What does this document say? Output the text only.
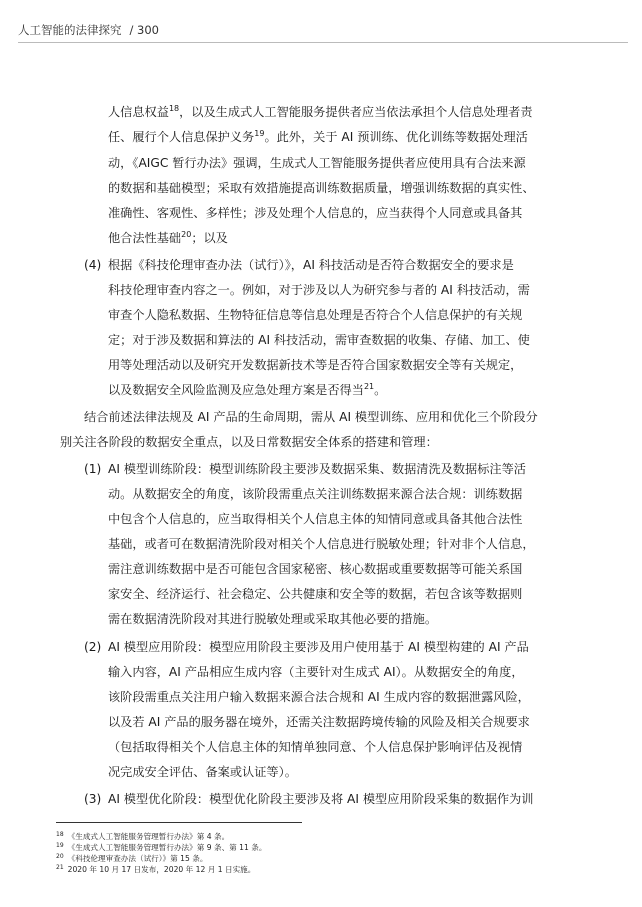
人工智能的法律探究 / 300
人信息权益$^{18}$，以及生成式人工智能服务提供者应当依法承担个人信息处理者责
任、履行个人信息保护义务$^{19}$。此外，关于 AI 预训练、优化训练等数据处理活
动，《AIGC 暂行办法》强调，生成式人工智能服务提供者应使用具有合法来源
的数据和基础模型；采取有效措施提高训练数据质量，增强训练数据的真实性、
准确性、客观性、多样性；涉及处理个人信息的，应当获得个人同意或具备其
他合法性基础$^{20}$；以及
(4) 根据《科技伦理审查办法（试行）》，AI 科技活动是否符合数据安全的要求是
科技伦理审查内容之一。例如，对于涉及以人为研究参与者的 AI 科技活动，需
审查个人隐私数据、生物特征信息等信息处理是否符合个人信息保护的有关规
定；对于涉及数据和算法的 AI 科技活动，需审查数据的收集、存储、加工、使
用等处理活动以及研究开发数据新技术等是否符合国家数据安全等有关规定，
以及数据安全风险监测及应急处理方案是否得当$^{21}$。
结合前述法律法规及 AI 产品的生命周期，需从 AI 模型训练、应用和优化三个阶段分
别关注各阶段的数据安全重点，以及日常数据安全体系的搭建和管理：
(1) AI 模型训练阶段：模型训练阶段主要涉及数据采集、数据清洗及数据标注等活
动。从数据安全的角度，该阶段需重点关注训练数据来源合法合规：训练数据
中包含个人信息的，应当取得相关个人信息主体的知情同意或具备其他合法性
基础，或者可在数据清洗阶段对相关个人信息进行脱敏处理；针对非个人信息，
需注意训练数据中是否可能包含国家秘密、核心数据或重要数据等可能关系国
家安全、经济运行、社会稳定、公共健康和安全等的数据，若包含该等数据则
需在数据清洗阶段对其进行脱敏处理或采取其他必要的措施。
(2) AI 模型应用阶段：模型应用阶段主要涉及用户使用基于 AI 模型构建的 AI 产品
输入内容，AI 产品相应生成内容（主要针对生成式 AI）。从数据安全的角度，
该阶段需重点关注用户输入数据来源合法合规和 AI 生成内容的数据泄露风险，
以及若 AI 产品的服务器在境外，还需关注数据跨境传输的风险及相关合规要求
（包括取得相关个人信息主体的知情单独同意、个人信息保护影响评估及视情
况完成安全评估、备案或认证等）。
(3) AI 模型优化阶段：模型优化阶段主要涉及将 AI 模型应用阶段采集的数据作为训
$^{18}$ 《生成式人工智能服务管理暂行办法》第 4 条。
$^{19}$ 《生成式人工智能服务管理暂行办法》第 9 条、第 11 条。
$^{20}$ 《科技伦理审查办法（试行）》第 15 条。
$^{21}$ 2020 年 10 月 17 日发布，2020 年 12 月 1 日实施。
